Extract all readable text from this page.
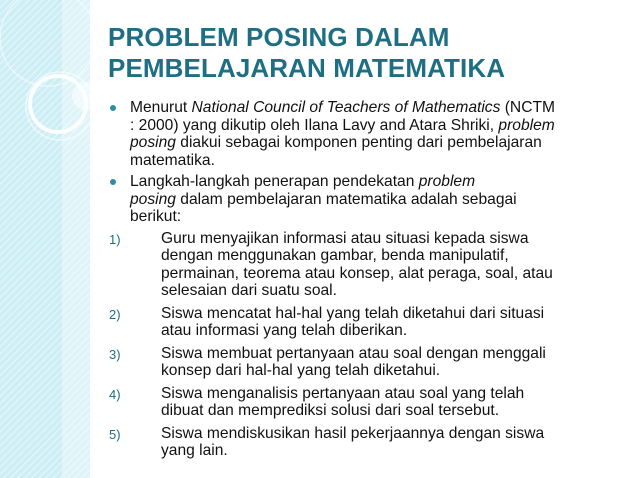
PROBLEM POSING DALAM
PEMBELAJARAN MATEMATIKA
Menurut National Council of Teachers of Mathematics (NCTM
: 2000) yang dikutip oleh Ilana Lavy and Atara Shriki, problem
posing diakui sebagai komponen penting dari pembelajaran
matematika.
Langkah-langkah penerapan pendekatan problem
posing dalam pembelajaran matematika adalah sebagai
berikut:
1)	Guru menyajikan informasi atau situasi kepada siswa
dengan menggunakan gambar, benda manipulatif,
permainan, teorema atau konsep, alat peraga, soal, atau
selesaian dari suatu soal.
2)	Siswa mencatat hal-hal yang telah diketahui dari situasi
atau informasi yang telah diberikan.
3)	Siswa membuat pertanyaan atau soal dengan menggali
konsep dari hal-hal yang telah diketahui.
4)	Siswa menganalisis pertanyaan atau soal yang telah
dibuat dan memprediksi solusi dari soal tersebut.
5)	Siswa mendiskusikan hasil pekerjaannya dengan siswa
yang lain.
